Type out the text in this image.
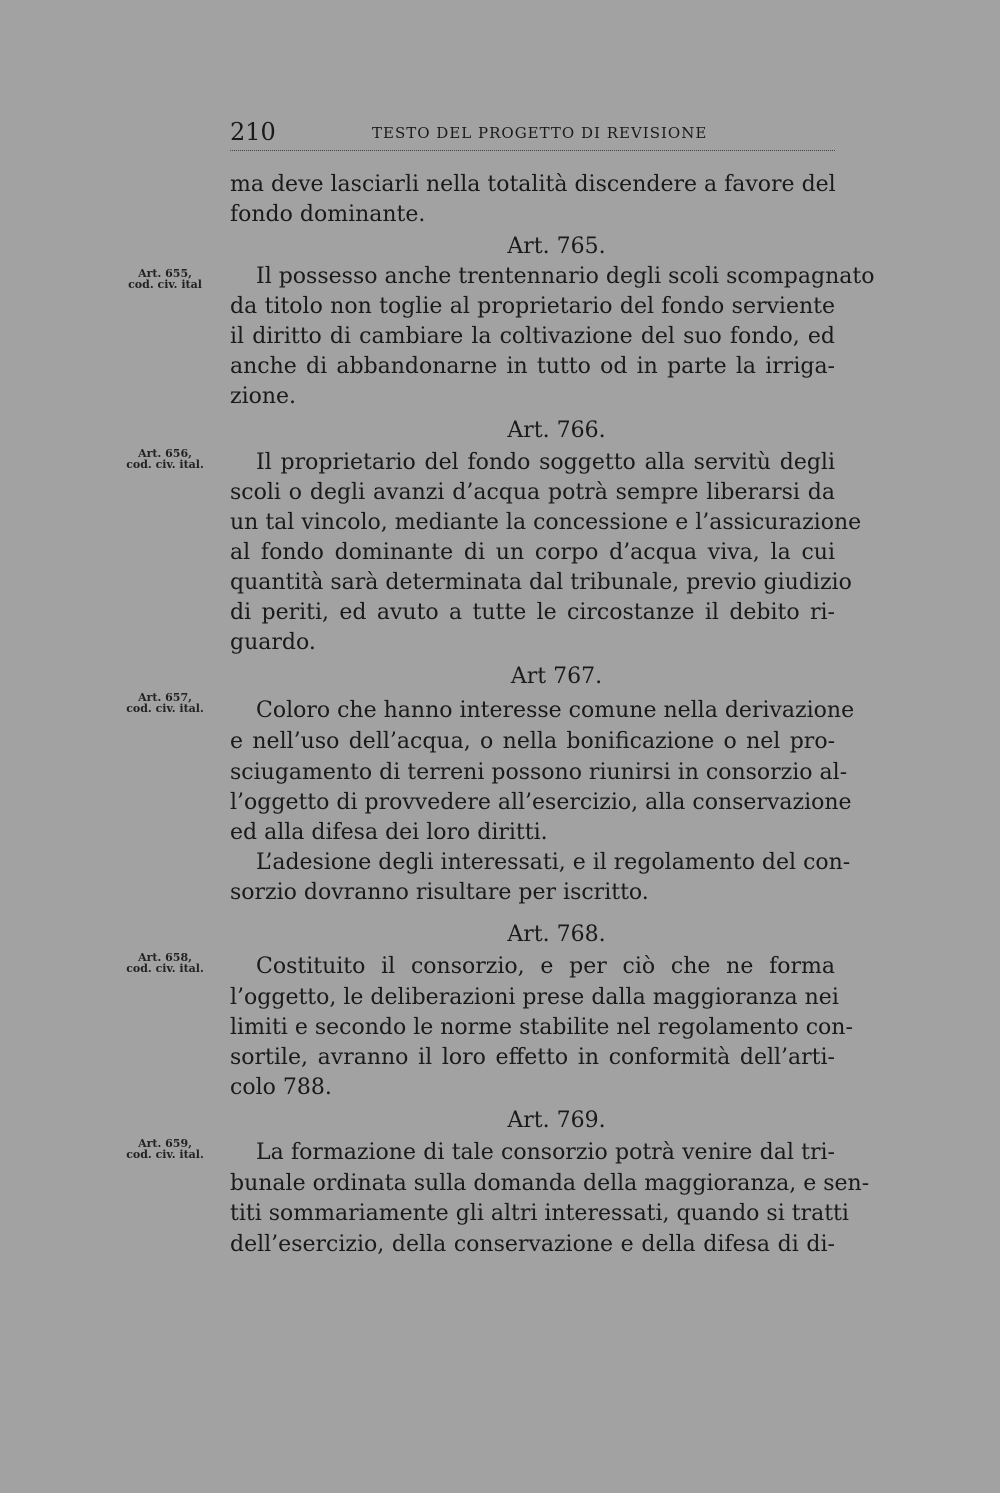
210	TESTO DEL PROGETTO DI REVISIONE
Art. 655,
cod. civ. ital
Art. 656,
cod. civ. ital.
Art. 657,
cod. civ. ital.
Art. 658,
cod. civ. ital.
Art. 659,
cod. civ. ital.
ma deve lasciarli nella totalità discendere a favore del
fondo dominante.
Art. 765.
Il possesso anche trentennario degli scoli scompagnato
da titolo non toglie al proprietario del fondo serviente
il diritto di cambiare la coltivazione del suo fondo, ed
anche di abbandonarne in tutto od in parte la irriga-
zione.
Art. 766.
Il proprietario del fondo soggetto alla servitù degli
scoli o degli avanzi d’acqua potrà sempre liberarsi da
un tal vincolo, mediante la concessione e l’assicurazione
al fondo dominante di un corpo d’acqua viva, la cui
quantità sarà determinata dal tribunale, previo giudizio
di periti, ed avuto a tutte le circostanze il debito ri-
guardo.
Art 767.
Coloro che hanno interesse comune nella derivazione
e nell’uso dell’acqua, o nella bonificazione o nel pro-
sciugamento di terreni possono riunirsi in consorzio al-
l’oggetto di provvedere all’esercizio, alla conservazione
ed alla difesa dei loro diritti.
L’adesione degli interessati, e il regolamento del con-
sorzio dovranno risultare per iscritto.
Art. 768.
Costituito il consorzio, e per ciò che ne forma
l’oggetto, le deliberazioni prese dalla maggioranza nei
limiti e secondo le norme stabilite nel regolamento con-
sortile, avranno il loro effetto in conformità dell’arti-
colo 788.
Art. 769.
La formazione di tale consorzio potrà venire dal tri-
bunale ordinata sulla domanda della maggioranza, e sen-
titi sommariamente gli altri interessati, quando si tratti
dell’esercizio, della conservazione e della difesa di di-
